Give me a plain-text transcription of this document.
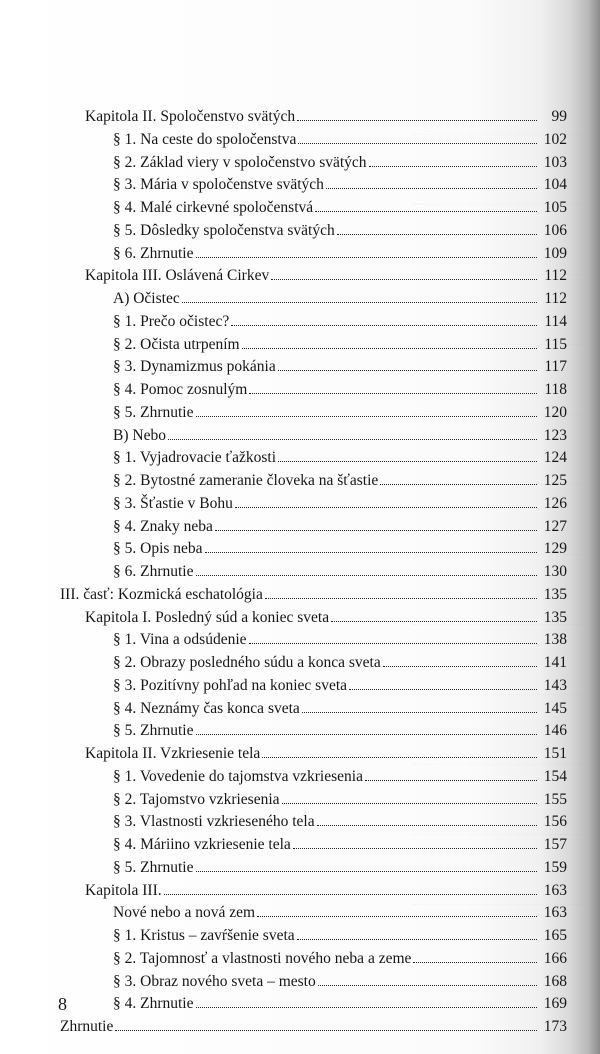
Kapitola II. Spoločenstvo svätých	99
§ 1. Na ceste do spoločenstva	102
§ 2. Základ viery v spoločenstvo svätých	103
§ 3. Mária v spoločenstve svätých	104
§ 4. Malé cirkevné spoločenstvá	105
§ 5. Dôsledky spoločenstva svätých	106
§ 6. Zhrnutie	109
Kapitola III. Oslávená Cirkev	112
A) Očistec	112
§ 1. Prečo očistec?	114
§ 2. Očista utrpením	115
§ 3. Dynamizmus pokánia	117
§ 4. Pomoc zosnulým	118
§ 5. Zhrnutie	120
B) Nebo	123
§ 1. Vyjadrovacie ťažkosti	124
§ 2. Bytostné zameranie človeka na šťastie	125
§ 3. Šťastie v Bohu	126
§ 4. Znaky neba	127
§ 5. Opis neba	129
§ 6. Zhrnutie	130
III. časť: Kozmická eschatológia	135
Kapitola I. Posledný súd a koniec sveta	135
§ 1. Vina a odsúdenie	138
§ 2. Obrazy posledného súdu a konca sveta	141
§ 3. Pozitívny pohľad na koniec sveta	143
§ 4. Neznámy čas konca sveta	145
§ 5. Zhrnutie	146
Kapitola II. Vzkriesenie tela	151
§ 1. Vovedenie do tajomstva vzkriesenia	154
§ 2. Tajomstvo vzkriesenia	155
§ 3. Vlastnosti vzkrieseného tela	156
§ 4. Máriino vzkriesenie tela	157
§ 5. Zhrnutie	159
Kapitola III.	163
Nové nebo a nová zem	163
§ 1. Kristus – zavŕšenie sveta	165
§ 2. Tajomnosť a vlastnosti nového neba a zeme	166
§ 3. Obraz nového sveta – mesto	168
§ 4. Zhrnutie	169
Zhrnutie	173
8
